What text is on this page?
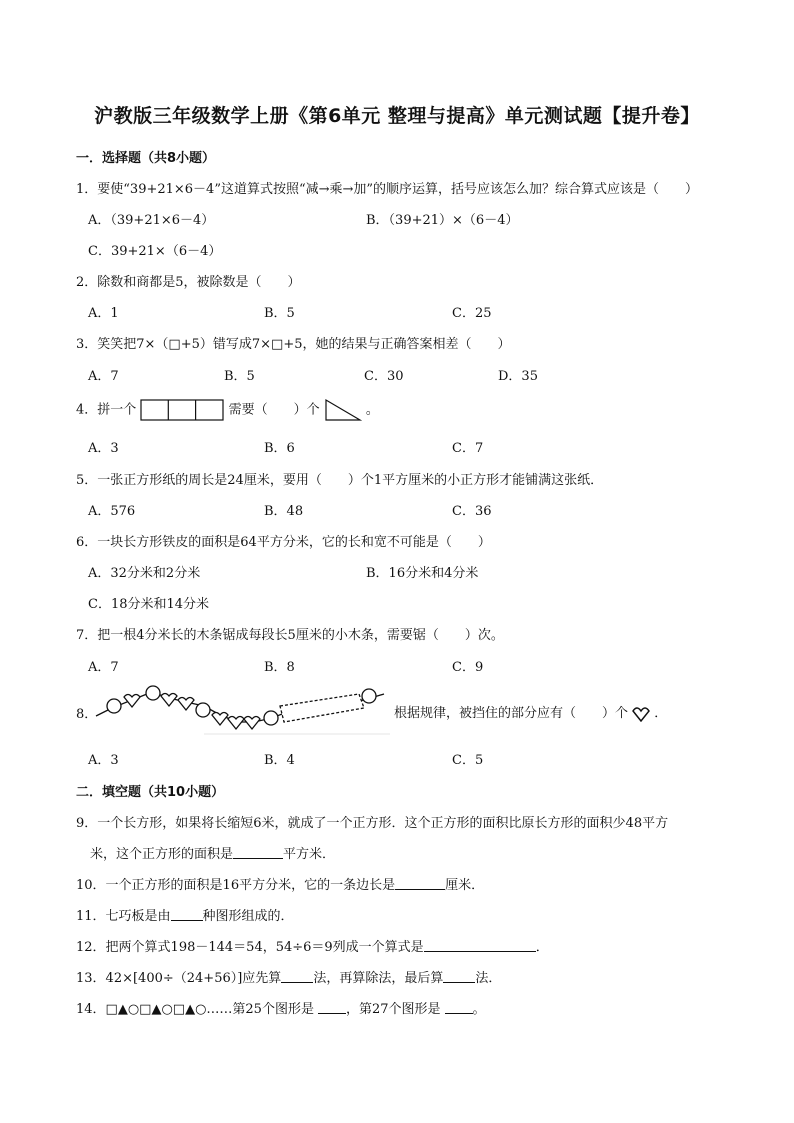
沪教版三年级数学上册《第6单元 整理与提高》单元测试题【提升卷】
一．选择题（共8小题）
1．要使“39+21×6－4”这道算式按照“减→乘→加”的顺序运算，括号应该怎么加？综合算式应该是（　　）
A．（39+21×6－4）	B．（39+21）×（6－4）
C．39+21×（6－4）
2．除数和商都是5，被除数是（　　）
A．1	B．5	C．25
3．笑笑把7×（□+5）错写成7×□+5，她的结果与正确答案相差（　　）
A．7	B．5	C．30	D．35
4．拼一个	需要（　　）个	。
A．3	B．6	C．7
5．一张正方形纸的周长是24厘米，要用（　　）个1平方厘米的小正方形才能铺满这张纸．
A．576	B．48	C．36
6．一块长方形铁皮的面积是64平方分米，它的长和宽不可能是（　　）
A．32分米和2分米	B．16分米和4分米
C．18分米和14分米
7．把一根4分米长的木条锯成每段长5厘米的小木条，需要锯（　　）次。
A．7	B．8	C．9
8．	根据规律，被挡住的部分应有（　　）个 ．
A．3	B．4	C．5
二．填空题（共10小题）
9．一个长方形，如果将长缩短6米，就成了一个正方形．这个正方形的面积比原长方形的面积少48平方
米，这个正方形的面积是	平方米．
10．一个正方形的面积是16平方分米，它的一条边长是	厘米．
11．七巧板是由 种图形组成的．
12．把两个算式198－144＝54，54÷6＝9列成一个算式是	．
13．42×[400÷（24+56）]应先算 法，再算除法，最后算 法．
14．□▲○□▲○□▲○……第25个图形是 ，第27个图形是 。
